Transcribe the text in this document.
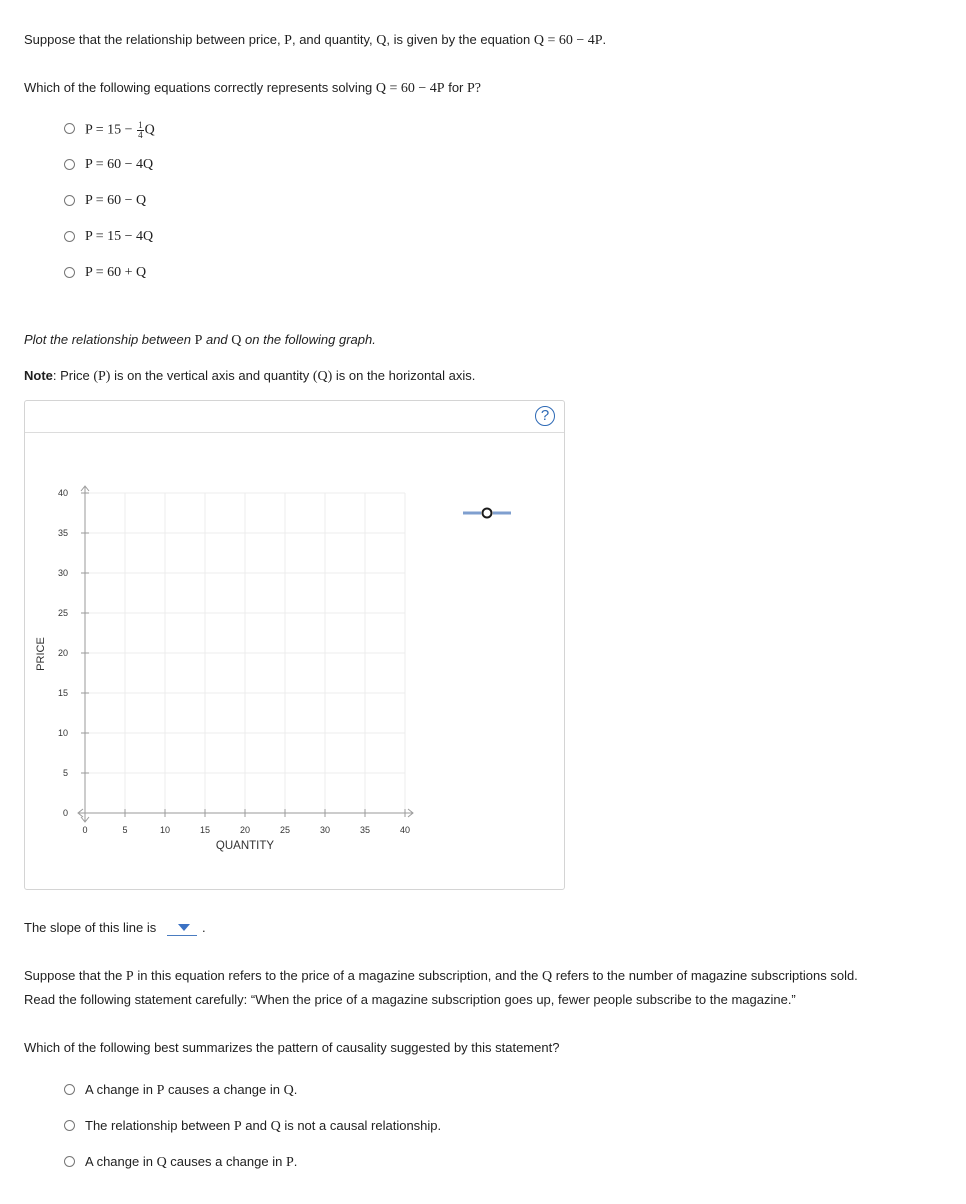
Suppose that the relationship between price, P, and quantity, Q, is given by the equation Q = 60 − 4P.
Which of the following equations correctly represents solving Q = 60 − 4P for P?
$P = 15 - \frac{1}{4}$ Q
P = 60 − 4Q
P = 60 − Q
P = 15 − 4Q
P = 60 + Q
Plot the relationship between P and Q on the following graph.
Note: Price (P) is on the vertical axis and quantity (Q) is on the horizontal axis.
?
0	5	10	15	20	25	30	35	40
0
5
10
15
20
25
30
35
40
PRICE
QUANTITY
The slope of this line is	.
Suppose that the P in this equation refers to the price of a magazine subscription, and the Q refers to the number of magazine subscriptions sold.
Read the following statement carefully: “When the price of a magazine subscription goes up, fewer people subscribe to the magazine.”
Which of the following best summarizes the pattern of causality suggested by this statement?
A change in P causes a change in Q.
The relationship between P and Q is not a causal relationship.
A change in Q causes a change in P.
